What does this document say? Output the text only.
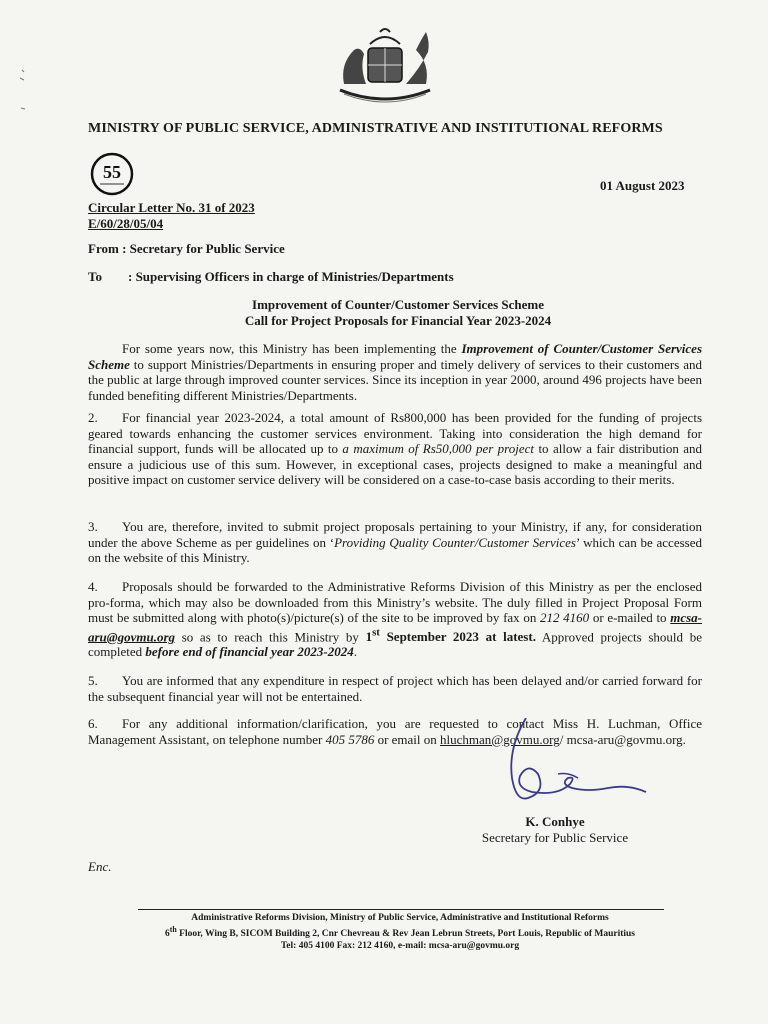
MINISTRY OF PUBLIC SERVICE, ADMINISTRATIVE AND INSTITUTIONAL REFORMS
55
01 August 2023
Circular Letter No. 31 of 2023
E/60/28/05/04
From : Secretary for Public Service
To : Supervising Officers in charge of Ministries/Departments
Improvement of Counter/Customer Services Scheme
Call for Project Proposals for Financial Year 2023-2024
For some years now, this Ministry has been implementing the Improvement of Counter/Customer Services Scheme to support Ministries/Departments in ensuring proper and timely delivery of services to their customers and the public at large through improved counter services. Since its inception in year 2000, around 496 projects have been funded benefiting different Ministries/Departments.
2. For financial year 2023-2024, a total amount of Rs800,000 has been provided for the funding of projects geared towards enhancing the customer services environment. Taking into consideration the high demand for financial support, funds will be allocated up to a maximum of Rs50,000 per project to allow a fair distribution and ensure a judicious use of this sum. However, in exceptional cases, projects designed to make a meaningful and positive impact on customer service delivery will be considered on a case-to-case basis according to their merits.
3. You are, therefore, invited to submit project proposals pertaining to your Ministry, if any, for consideration under the above Scheme as per guidelines on ‘Providing Quality Counter/Customer Services’ which can be accessed on the website of this Ministry.
4. Proposals should be forwarded to the Administrative Reforms Division of this Ministry as per the enclosed pro-forma, which may also be downloaded from this Ministry’s website. The duly filled in Project Proposal Form must be submitted along with photo(s)/picture(s) of the site to be improved by fax on 212 4160 or e-mailed to mcsa-aru@govmu.org so as to reach this Ministry by 1st September 2023 at latest. Approved projects should be completed before end of financial year 2023-2024.
5. You are informed that any expenditure in respect of project which has been delayed and/or carried forward for the subsequent financial year will not be entertained.
6. For any additional information/clarification, you are requested to contact Miss H. Luchman, Office Management Assistant, on telephone number 405 5786 or email on hluchman@govmu.org/ mcsa-aru@govmu.org.
K. Conhye
Secretary for Public Service
Enc.
Administrative Reforms Division, Ministry of Public Service, Administrative and Institutional Reforms
6th Floor, Wing B, SICOM Building 2, Cnr Chevreau & Rev Jean Lebrun Streets, Port Louis, Republic of Mauritius
Tel: 405 4100 Fax: 212 4160, e-mail: mcsa-aru@govmu.org
